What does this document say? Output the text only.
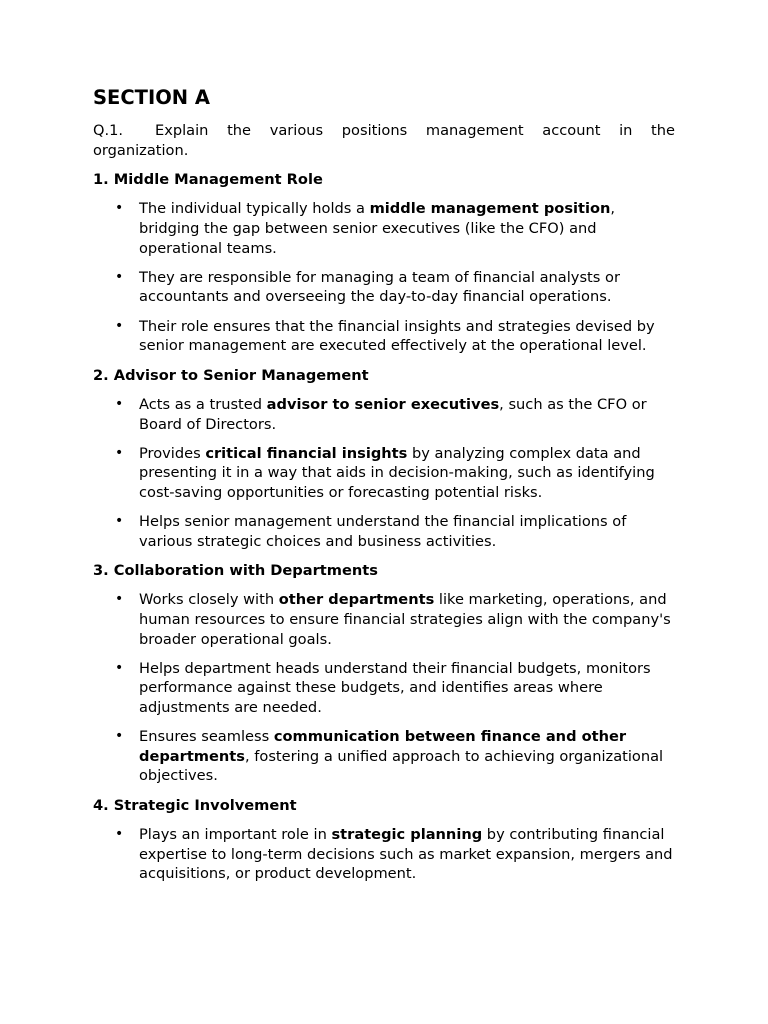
SECTION A

Q.1. Explain the various positions management account in the organization.

1. Middle Management Role
• The individual typically holds a middle management position, bridging the gap between senior executives (like the CFO) and operational teams.
• They are responsible for managing a team of financial analysts or accountants and overseeing the day-to-day financial operations.
• Their role ensures that the financial insights and strategies devised by senior management are executed effectively at the operational level.
2. Advisor to Senior Management
• Acts as a trusted advisor to senior executives, such as the CFO or Board of Directors.
• Provides critical financial insights by analyzing complex data and presenting it in a way that aids in decision-making, such as identifying cost-saving opportunities or forecasting potential risks.
• Helps senior management understand the financial implications of various strategic choices and business activities.
3. Collaboration with Departments
• Works closely with other departments like marketing, operations, and human resources to ensure financial strategies align with the company's broader operational goals.
• Helps department heads understand their financial budgets, monitors performance against these budgets, and identifies areas where adjustments are needed.
• Ensures seamless communication between finance and other departments, fostering a unified approach to achieving organizational objectives.
4. Strategic Involvement
• Plays an important role in strategic planning by contributing financial expertise to long-term decisions such as market expansion, mergers and acquisitions, or product development.
